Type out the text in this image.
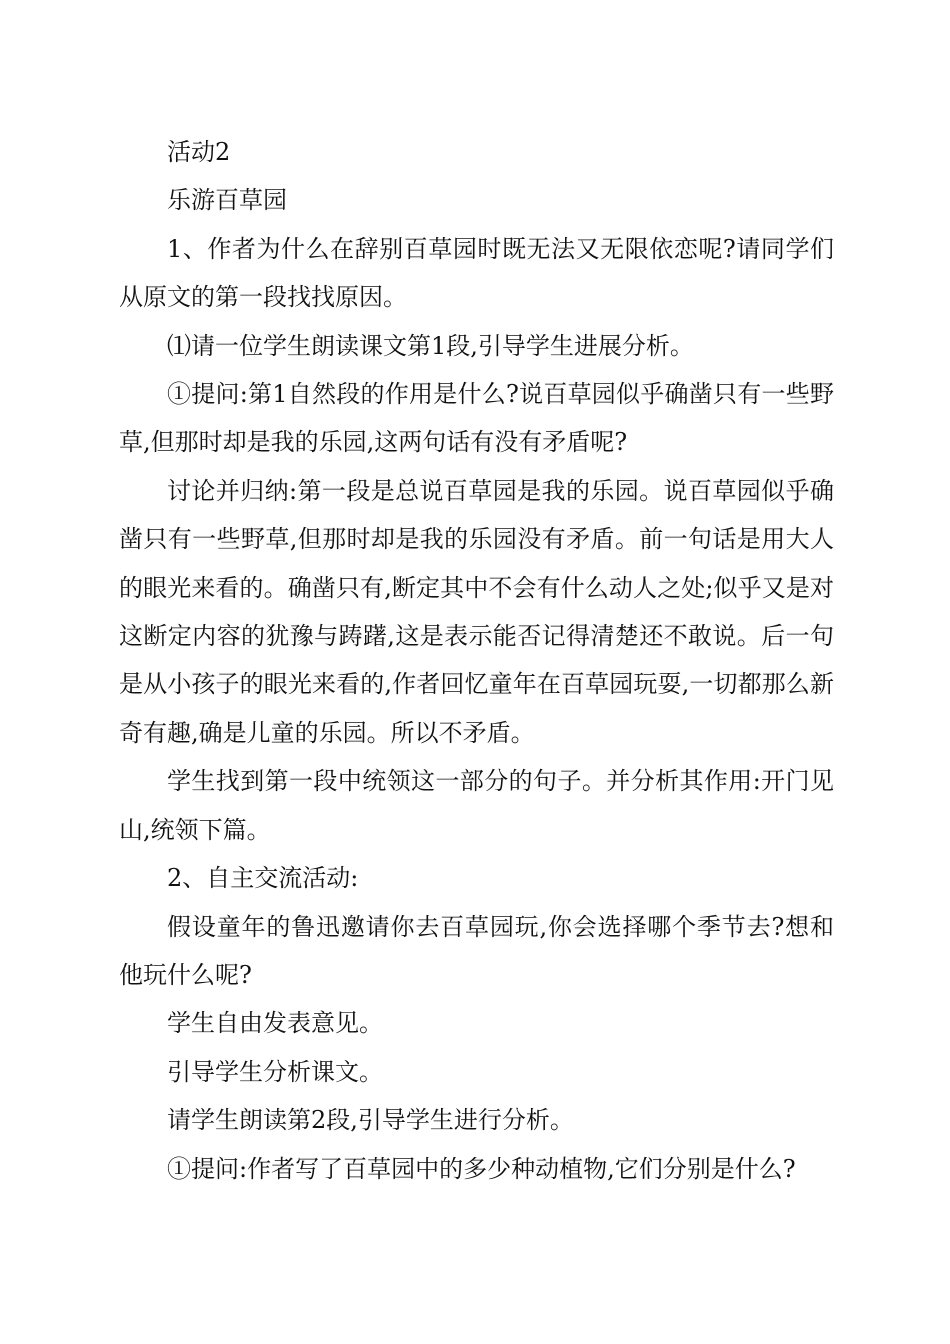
活动2

乐游百草园

1、作者为什么在辞别百草园时既无法又无限依恋呢?请同学们从原文的第一段找找原因。

⑴请一位学生朗读课文第1段,引导学生进展分析。

①提问:第1自然段的作用是什么?说百草园似乎确凿只有一些野草,但那时却是我的乐园,这两句话有没有矛盾呢?

讨论并归纳:第一段是总说百草园是我的乐园。说百草园似乎确凿只有一些野草,但那时却是我的乐园没有矛盾。前一句话是用大人的眼光来看的。确凿只有,断定其中不会有什么动人之处;似乎又是对这断定内容的犹豫与踌躇,这是表示能否记得清楚还不敢说。后一句是从小孩子的眼光来看的,作者回忆童年在百草园玩耍,一切都那么新奇有趣,确是儿童的乐园。所以不矛盾。

学生找到第一段中统领这一部分的句子。并分析其作用:开门见山,统领下篇。

2、自主交流活动:

假设童年的鲁迅邀请你去百草园玩,你会选择哪个季节去?想和他玩什么呢?

学生自由发表意见。

引导学生分析课文。

请学生朗读第2段,引导学生进行分析。

①提问:作者写了百草园中的多少种动植物,它们分别是什么?
